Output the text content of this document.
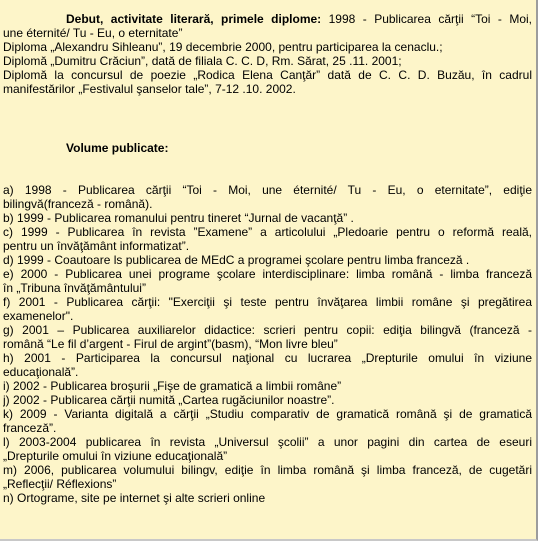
Debut, activitate literară, primele diplome: 1998 - Publicarea cărţii “Toi - Moi,
une éternité/ Tu - Eu, o eternitate”
Diploma „Alexandru Sihleanu”, 19 decembrie 2000, pentru participarea la cenaclu.;
Diplomă „Dumitru Crăciun”, dată de filiala C. C. D, Rm. Sărat, 25 .11. 2001;
Diplomă la concursul de poezie „Rodica Elena Canţăr” dată de C. C. D. Buzău, în cadrul
manifestărilor „Festivalul şanselor tale”, 7-12 .10. 2002.
Volume publicate:
a) 1998 - Publicarea cărţii “Toi - Moi, une éternité/ Tu - Eu, o eternitate”, ediţie
bilingvă(franceză - română).
b) 1999 - Publicarea romanului pentru tineret “Jurnal de vacanţă” .
c) 1999 - Publicarea în revista ”Examene” a articolului „Pledoarie pentru o reformă reală,
pentru un învăţământ informatizat”.
d) 1999 - Coautoare ls publicarea de MEdC a programei şcolare pentru limba franceză .
e) 2000 - Publicarea unei programe şcolare interdisciplinare: limba română - limba franceză
în „Tribuna învăţământului”
f) 2001 - Publicarea cărţii: "Exerciţii şi teste pentru învăţarea limbii române şi pregătirea
examenelor".
g) 2001 – Publicarea auxiliarelor didactice: scrieri pentru copii: ediţia bilingvă (franceză -
română “Le fil d’argent - Firul de argint”(basm), “Mon livre bleu”
h) 2001 - Participarea la concursul naţional cu lucrarea „Drepturile omului în viziune
educaţională”.
i) 2002 - Publicarea broşurii „Fişe de gramatică a limbii române”
j) 2002 - Publicarea cărţii numită „Cartea rugăciunilor noastre”.
k) 2009 - Varianta digitală a cărţii „Studiu comparativ de gramatică română şi de gramatică
franceză”.
l) 2003-2004 publicarea în revista „Universul şcolii” a unor pagini din cartea de eseuri
„Drepturile omului în viziune educaţională”
m) 2006, publicarea volumului bilingv, ediţie în limba română şi limba franceză, de cugetări
„Reflecţii/ Réflexions”
n) Ortograme, site pe internet şi alte scrieri online
